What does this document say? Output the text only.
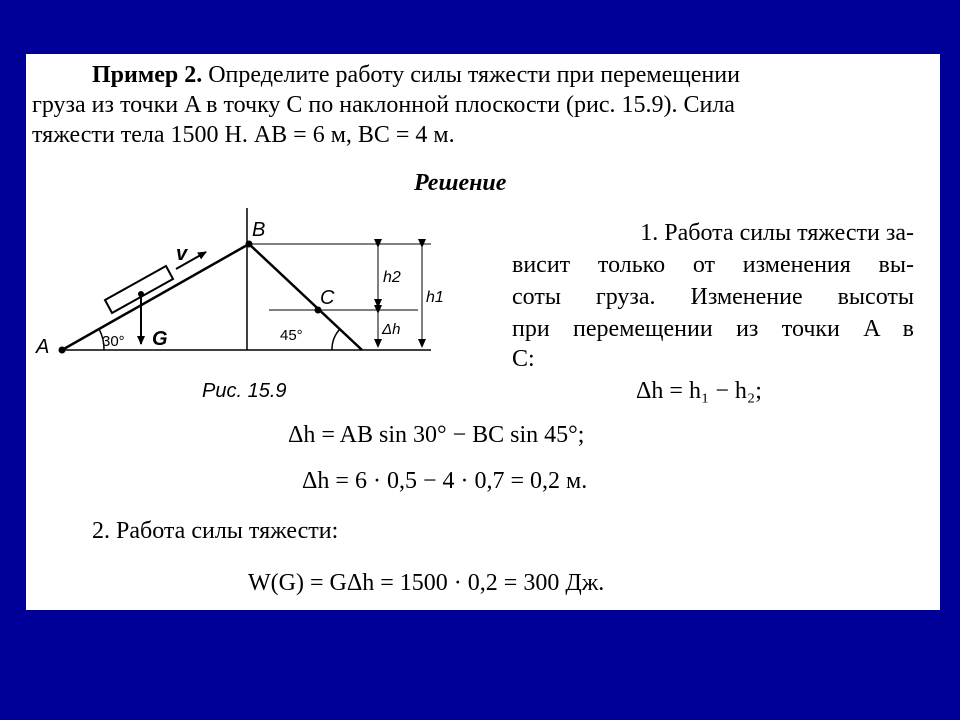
Пример 2. Определите работу силы тяжести при перемещении
груза из точки A в точку C по наклонной плоскости (рис. 15.9). Сила
тяжести тела 1500 Н. AB = 6 м, BC = 4 м.
Решение
1. Работа силы тяжести за-
висит только от изменения вы-
соты груза. Изменение высоты
при перемещении из точки A в
C:
Δh = h₁ − h₂;
Δh = AB sin 30° − BC sin 45°;
Δh = 6 · 0,5 − 4 · 0,7 = 0,2 м.
2. Работа силы тяжести:
W(G) = GΔh = 1500 · 0,2 = 300 Дж.
A
B
C
v
G
30°	45°
h2
Δh
h1
Рис. 15.9
